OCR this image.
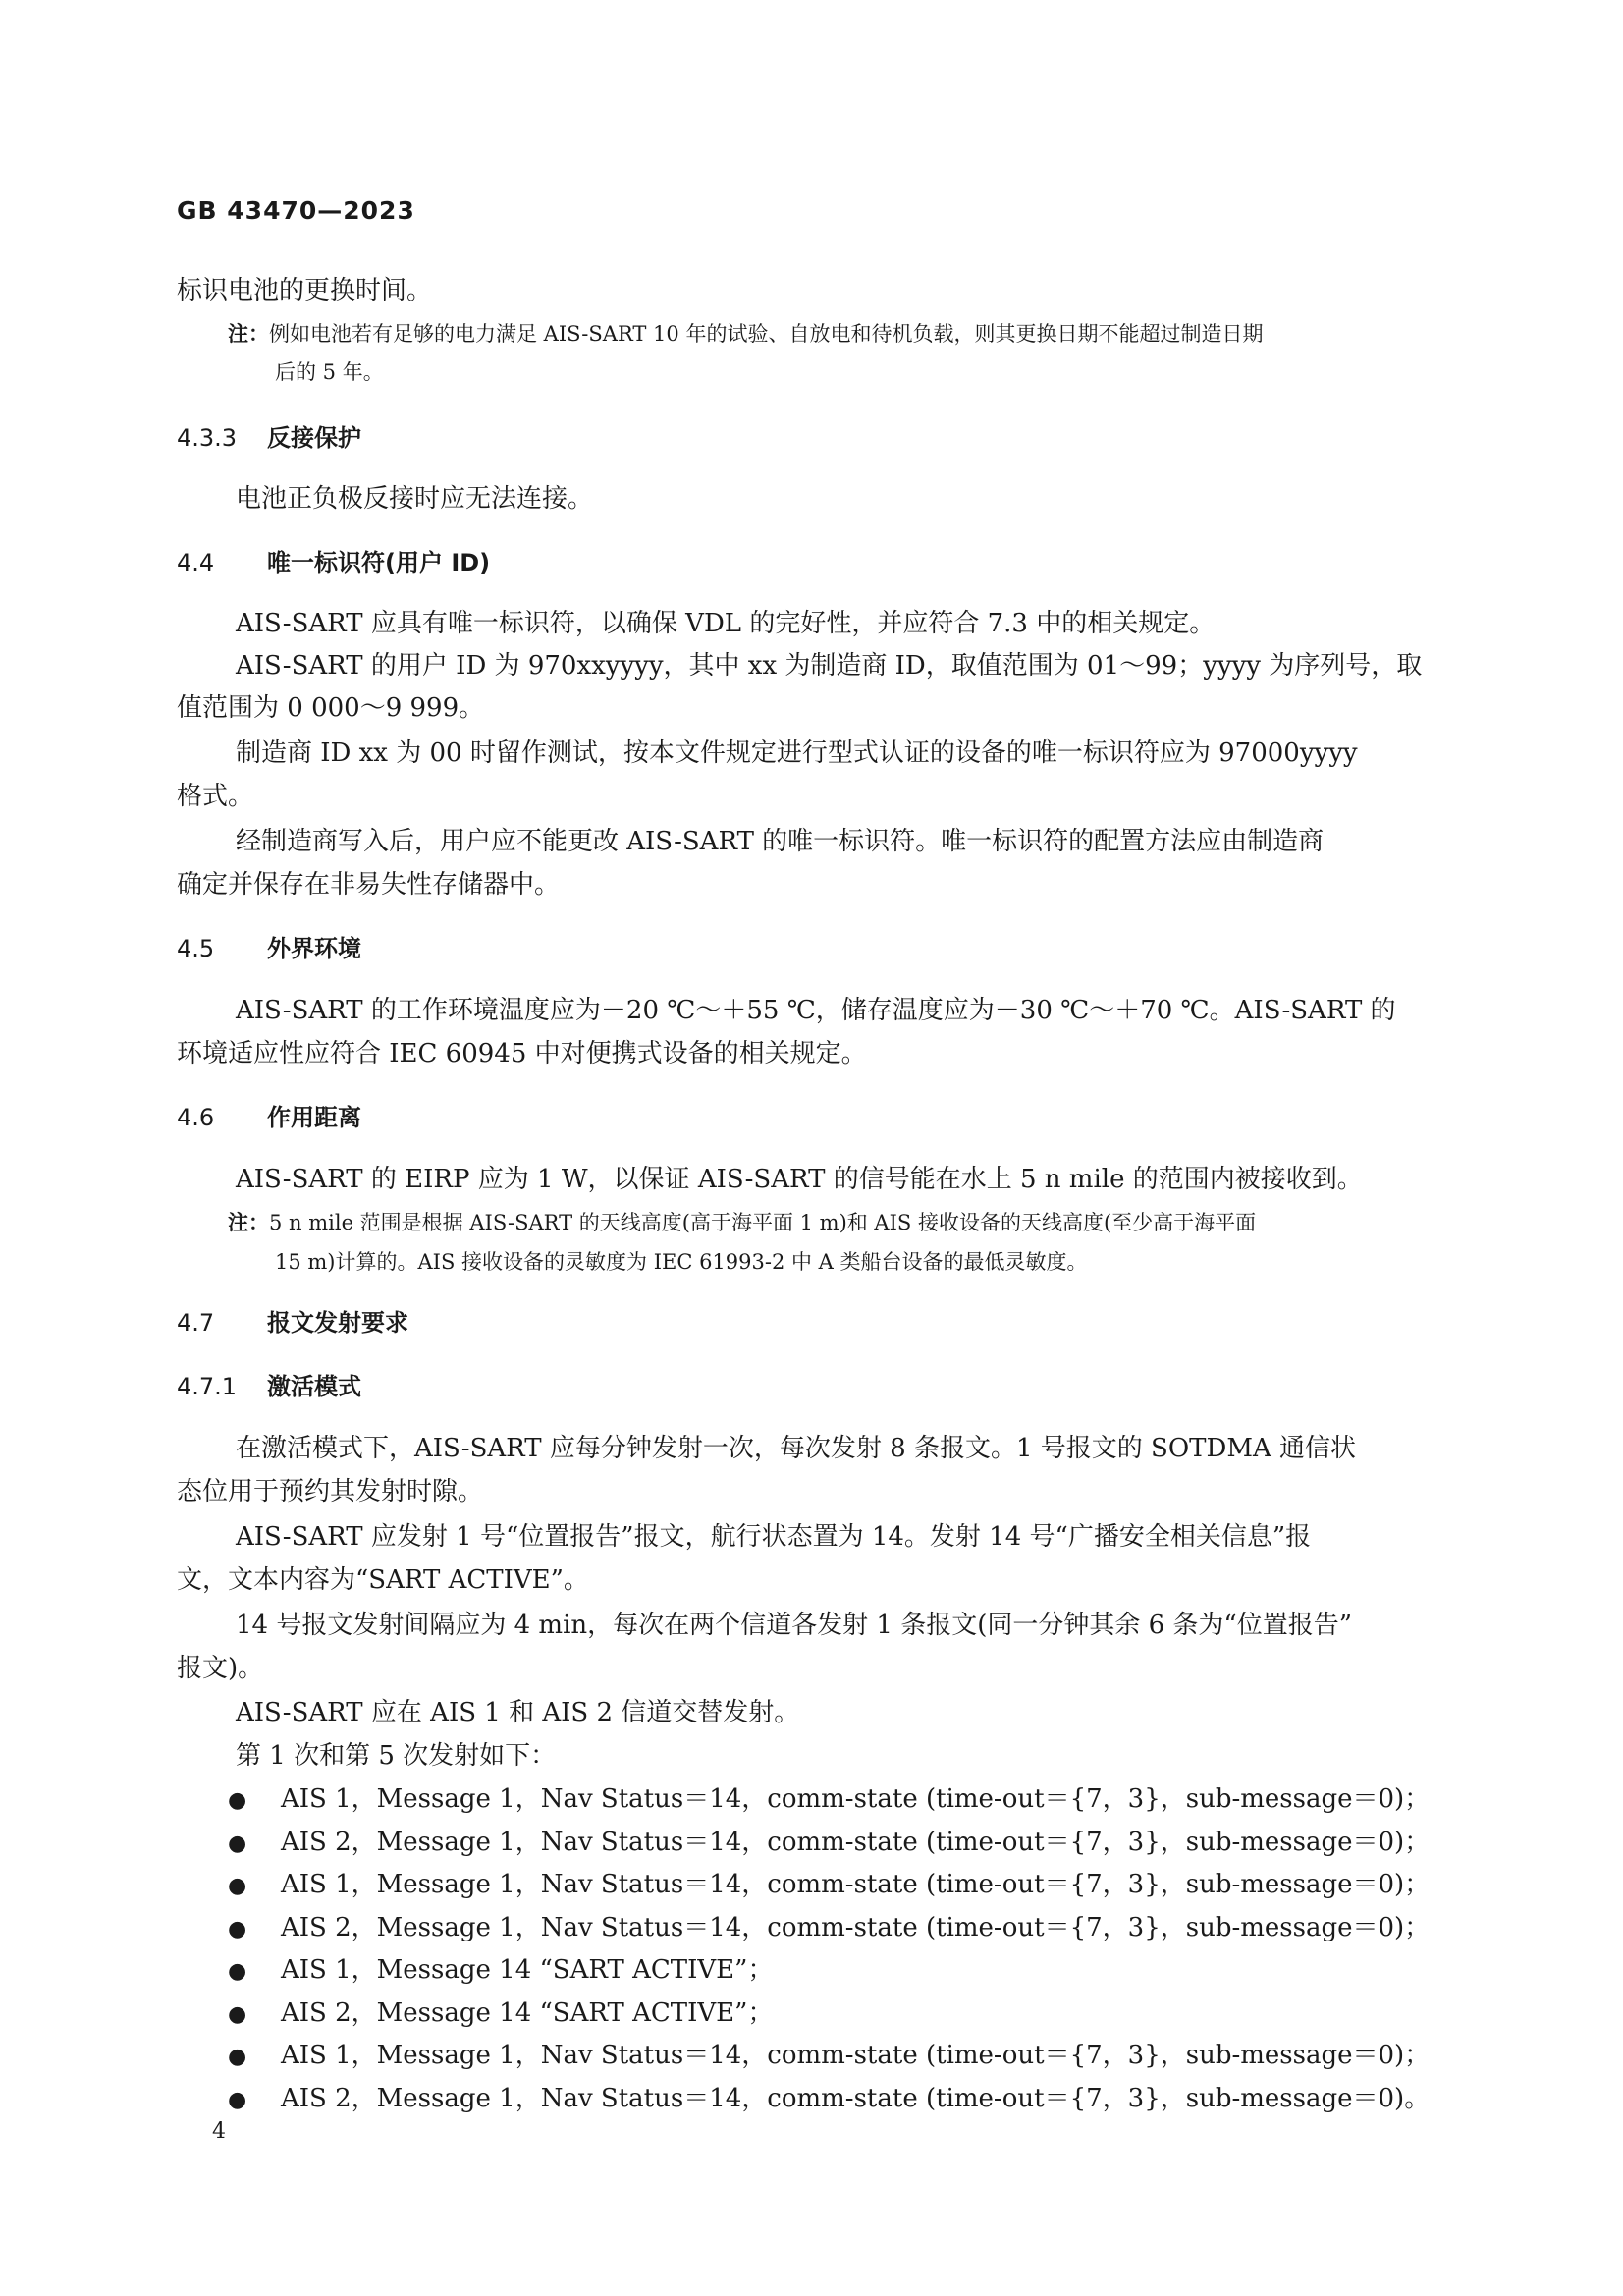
GB 43470—2023
标识电池的更换时间。
注：例如电池若有足够的电力满足 AIS-SART 10 年的试验、自放电和待机负载，则其更换日期不能超过制造日期
后的 5 年。
4.3.3 反接保护
电池正负极反接时应无法连接。
4.4 唯一标识符(用户 ID)
AIS-SART 应具有唯一标识符，以确保 VDL 的完好性，并应符合 7.3 中的相关规定。
AIS-SART 的用户 ID 为 970xxyyyy，其中 xx 为制造商 ID，取值范围为 01～99；yyyy 为序列号，取
值范围为 0 000～9 999。
制造商 ID xx 为 00 时留作测试，按本文件规定进行型式认证的设备的唯一标识符应为 97000yyyy
格式。
经制造商写入后，用户应不能更改 AIS-SART 的唯一标识符。唯一标识符的配置方法应由制造商
确定并保存在非易失性存储器中。
4.5 外界环境
AIS-SART 的工作环境温度应为－20 ℃～＋55 ℃，储存温度应为－30 ℃～＋70 ℃。AIS-SART 的
环境适应性应符合 IEC 60945 中对便携式设备的相关规定。
4.6 作用距离
AIS-SART 的 EIRP 应为 1 W，以保证 AIS-SART 的信号能在水上 5 n mile 的范围内被接收到。
注：5 n mile 范围是根据 AIS-SART 的天线高度(高于海平面 1 m)和 AIS 接收设备的天线高度(至少高于海平面
15 m)计算的。AIS 接收设备的灵敏度为 IEC 61993-2 中 A 类船台设备的最低灵敏度。
4.7 报文发射要求
4.7.1 激活模式
在激活模式下，AIS-SART 应每分钟发射一次，每次发射 8 条报文。1 号报文的 SOTDMA 通信状
态位用于预约其发射时隙。
AIS-SART 应发射 1 号“位置报告”报文，航行状态置为 14。发射 14 号“广播安全相关信息”报
文，文本内容为“SART ACTIVE”。
14 号报文发射间隔应为 4 min，每次在两个信道各发射 1 条报文(同一分钟其余 6 条为“位置报告”
报文)。
AIS-SART 应在 AIS 1 和 AIS 2 信道交替发射。
第 1 次和第 5 次发射如下：
● AIS 1，Message 1，Nav Status＝14，comm-state (time-out＝{7，3}，sub-message＝0)；
● AIS 2，Message 1，Nav Status＝14，comm-state (time-out＝{7，3}，sub-message＝0)；
● AIS 1，Message 1，Nav Status＝14，comm-state (time-out＝{7，3}，sub-message＝0)；
● AIS 2，Message 1，Nav Status＝14，comm-state (time-out＝{7，3}，sub-message＝0)；
● AIS 1，Message 14 “SART ACTIVE”；
● AIS 2，Message 14 “SART ACTIVE”；
● AIS 1，Message 1，Nav Status＝14，comm-state (time-out＝{7，3}，sub-message＝0)；
● AIS 2，Message 1，Nav Status＝14，comm-state (time-out＝{7，3}，sub-message＝0)。
4
